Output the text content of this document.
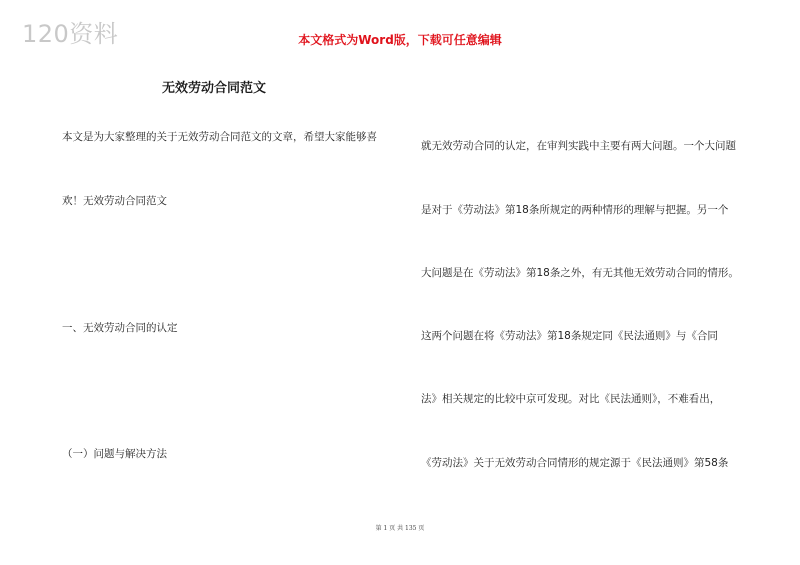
120资料	本文格式为Word版，下载可任意编辑
无效劳动合同范文
本文是为大家整理的关于无效劳动合同范文的文章，希望大家能够喜
欢！无效劳动合同范文
一、无效劳动合同的认定
（一）问题与解决方法
就无效劳动合同的认定，在审判实践中主要有两大问题。一个大问题
是对于《劳动法》第18条所规定的两种情形的理解与把握。另一个
大问题是在《劳动法》第18条之外，有无其他无效劳动合同的情形。
这两个问题在将《劳动法》第18条规定同《民法通则》与《合同
法》相关规定的比较中京可发现。对比《民法通则》，不难看出，
《劳动法》关于无效劳动合同情形的规定源于《民法通则》第58条
第 1 页 共 135 页
